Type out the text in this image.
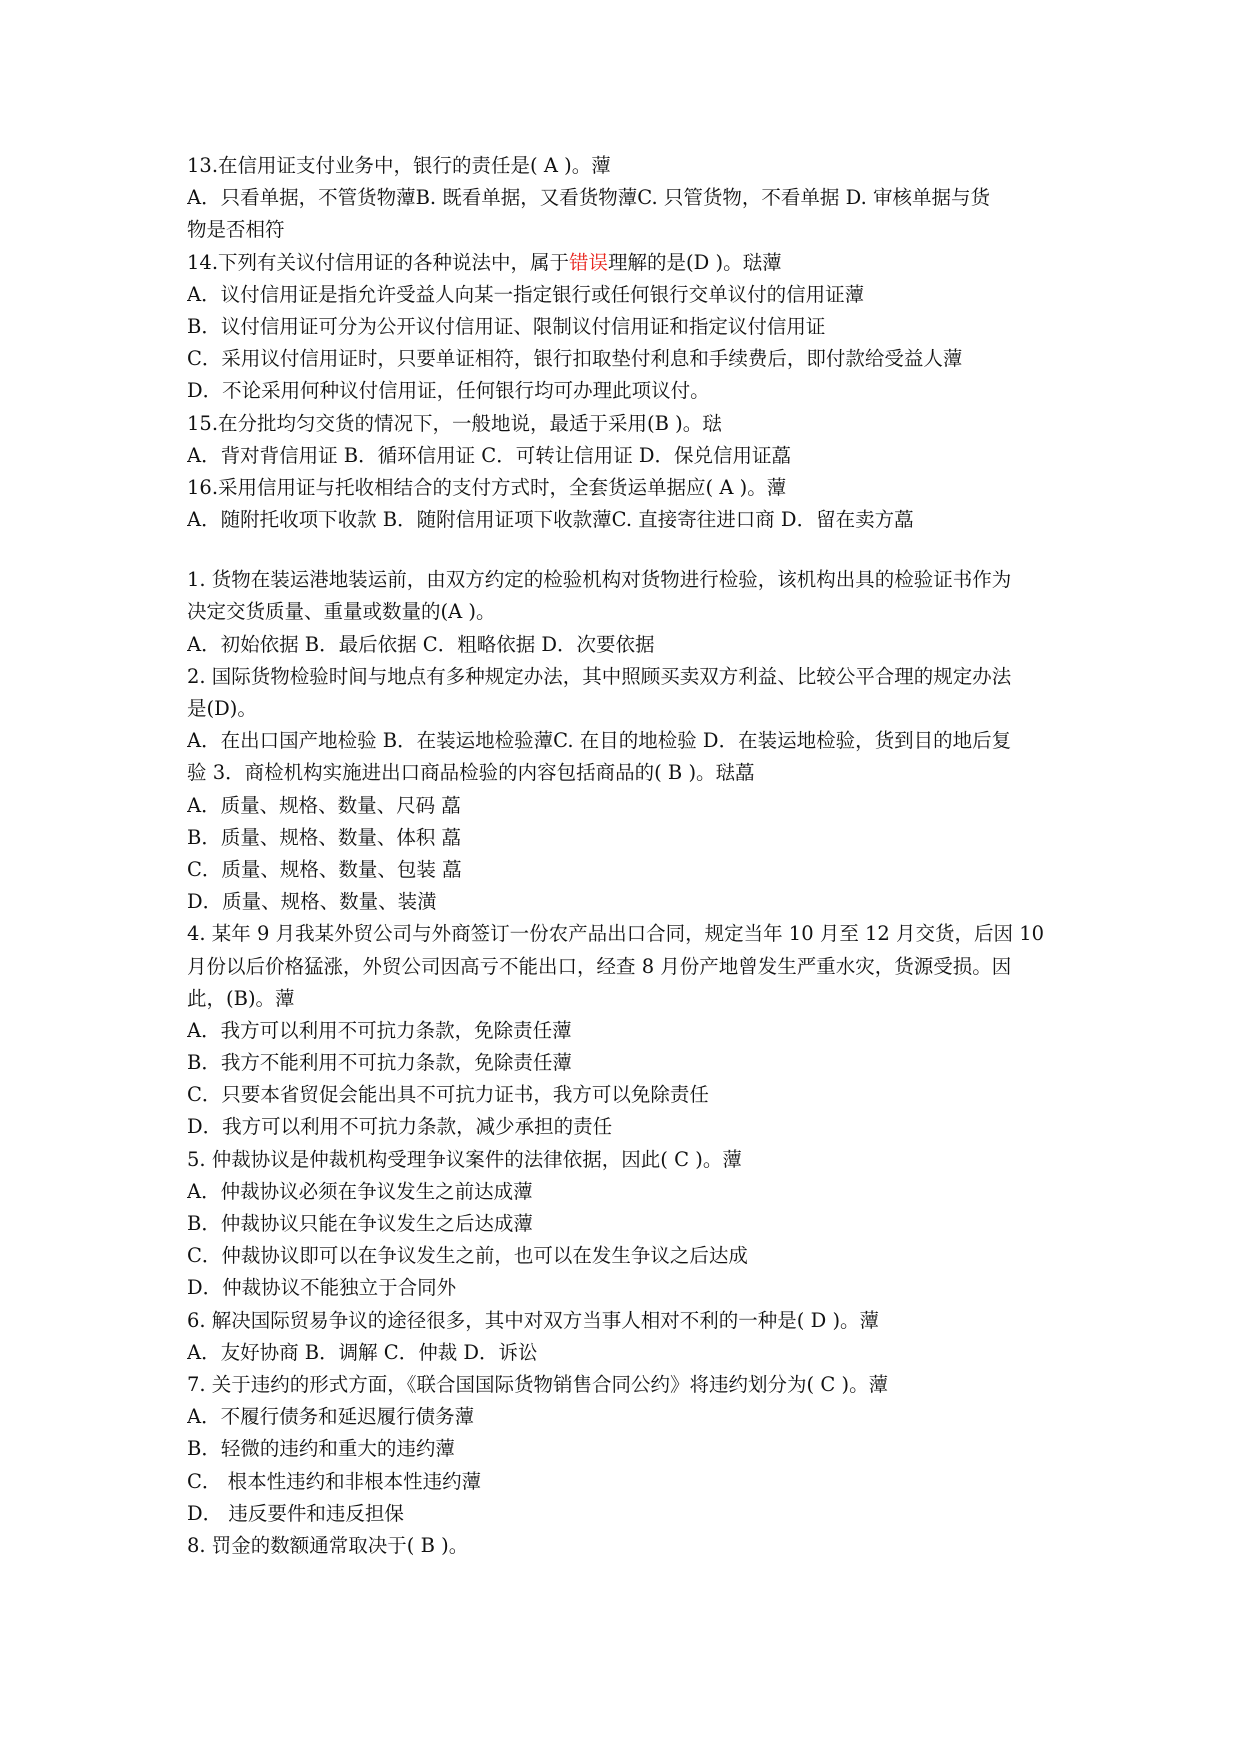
13.在信用证支付业务中，银行的责任是( A )。藫
A．只看单据，不管货物藫B. 既看单据，又看货物藫C. 只管货物，不看单据 D. 审核单据与货
物是否相符
14.下列有关议付信用证的各种说法中，属于错误理解的是(D )。琺藫
A．议付信用证是指允许受益人向某一指定银行或任何银行交单议付的信用证藫
B．议付信用证可分为公开议付信用证、限制议付信用证和指定议付信用证
C．采用议付信用证时，只要单证相符，银行扣取垫付利息和手续费后，即付款给受益人藫
D．不论采用何种议付信用证，任何银行均可办理此项议付。
15.在分批均匀交货的情况下，一般地说，最适于采用(B )。琺
A．背对背信用证 B．循环信用证 C．可转让信用证 D．保兑信用证藠
16.采用信用证与托收相结合的支付方式时，全套货运单据应( A )。藫
A．随附托收项下收款 B．随附信用证项下收款藫C. 直接寄往进口商 D．留在卖方藠
1. 货物在装运港地装运前，由双方约定的检验机构对货物进行检验，该机构出具的检验证书作为
决定交货质量、重量或数量的(A )。
A．初始依据 B．最后依据 C．粗略依据 D．次要依据
2. 国际货物检验时间与地点有多种规定办法，其中照顾买卖双方利益、比较公平合理的规定办法
是(D)。
A．在出口国产地检验 B．在装运地检验藫C. 在目的地检验 D．在装运地检验，货到目的地后复
验 3．商检机构实施进出口商品检验的内容包括商品的( B )。琺藠
A．质量、规格、数量、尺码 藠
B．质量、规格、数量、体积 藠
C．质量、规格、数量、包装 藠
D．质量、规格、数量、装潢
4. 某年 9 月我某外贸公司与外商签订一份农产品出口合同，规定当年 10 月至 12 月交货，后因 10
月份以后价格猛涨，外贸公司因高亏不能出口，经查 8 月份产地曾发生严重水灾，货源受损。因
此，(B)。藫
A．我方可以利用不可抗力条款，免除责任藫
B．我方不能利用不可抗力条款，免除责任藫
C．只要本省贸促会能出具不可抗力证书，我方可以免除责任
D．我方可以利用不可抗力条款，减少承担的责任
5. 仲裁协议是仲裁机构受理争议案件的法律依据，因此( C )。藫
A．仲裁协议必须在争议发生之前达成藫
B．仲裁协议只能在争议发生之后达成藫
C．仲裁协议即可以在争议发生之前，也可以在发生争议之后达成
D．仲裁协议不能独立于合同外
6. 解决国际贸易争议的途径很多，其中对双方当事人相对不利的一种是( D )。藫
A．友好协商 B．调解 C．仲裁 D．诉讼
7. 关于违约的形式方面，《联合国国际货物销售合同公约》将违约划分为( C )。藫
A．不履行债务和延迟履行债务藫
B．轻微的违约和重大的违约藫
C． 根本性违约和非根本性违约藫
D． 违反要件和违反担保
8. 罚金的数额通常取决于( B )。
